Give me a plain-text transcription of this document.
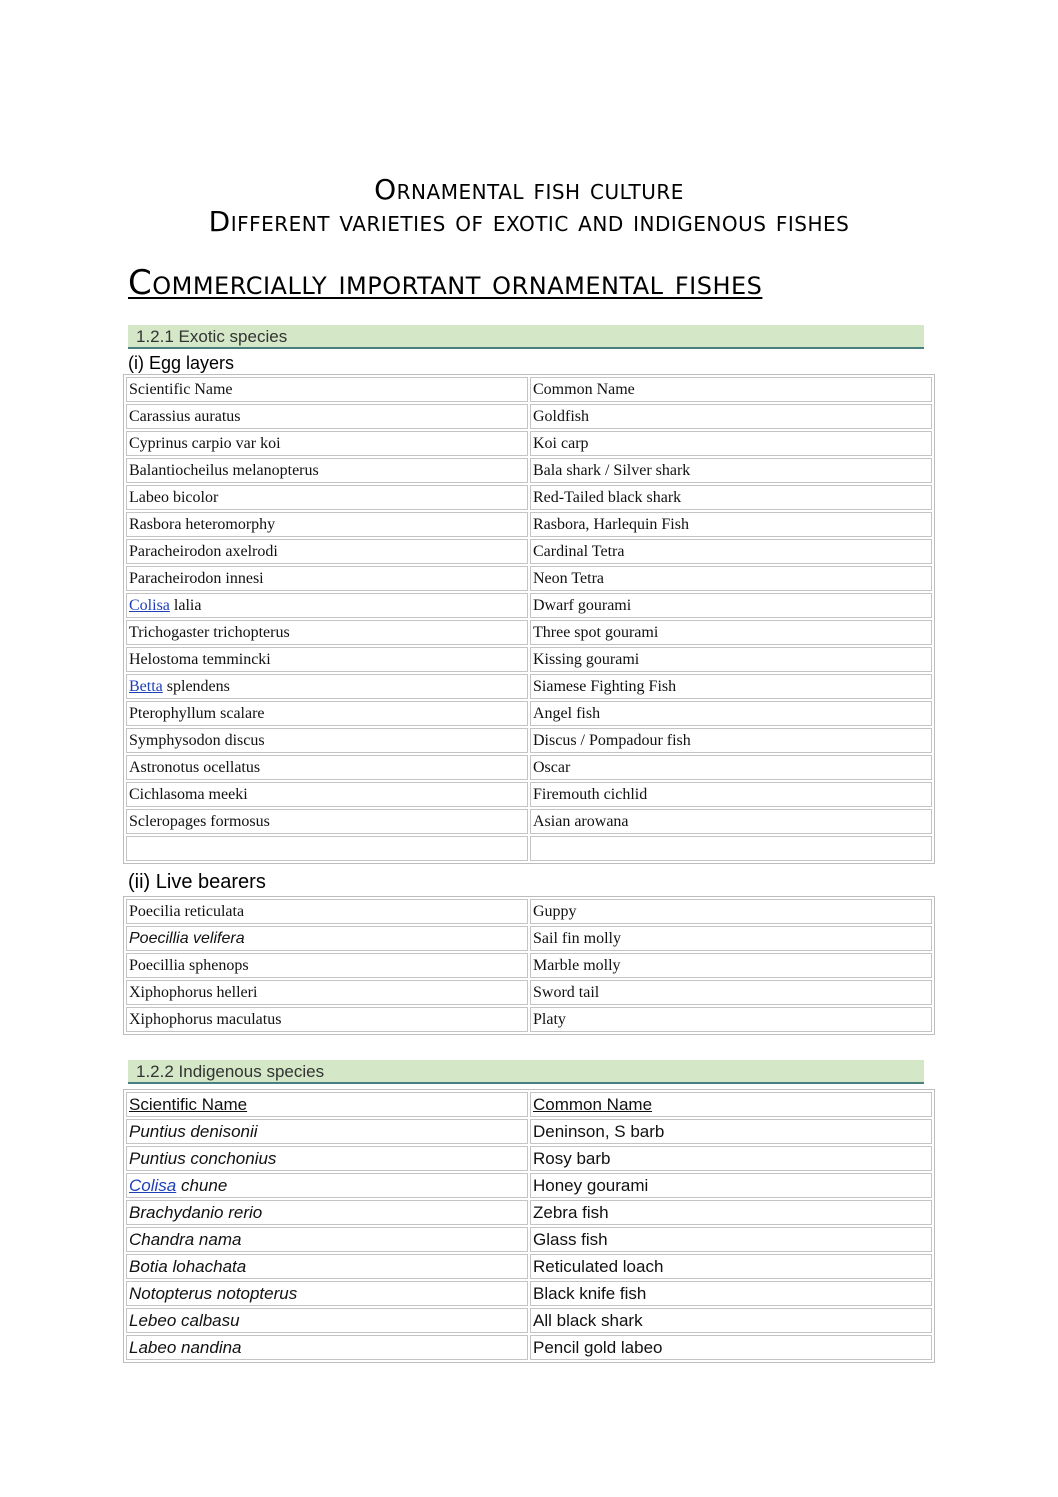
Ornamental fish culture
Different varieties of exotic and indigenous fishes
Commercially important ornamental fishes
1.2.1 Exotic species
(i) Egg layers
Scientific Name	Common Name
Carassius auratus	Goldfish
Cyprinus carpio var koi	Koi carp
Balantiocheilus melanopterus	Bala shark / Silver shark
Labeo bicolor	Red-Tailed black shark
Rasbora heteromorphy	Rasbora, Harlequin Fish
Paracheirodon axelrodi	Cardinal Tetra
Paracheirodon innesi	Neon Tetra
Colisa lalia	Dwarf gourami
Trichogaster trichopterus	Three spot gourami
Helostoma temmincki	Kissing gourami
Betta splendens	Siamese Fighting Fish
Pterophyllum scalare	Angel fish
Symphysodon discus	Discus / Pompadour fish
Astronotus ocellatus	Oscar
Cichlasoma meeki	Firemouth cichlid
Scleropages formosus	Asian arowana

(ii) Live bearers
Poecilia reticulata	Guppy
Poecillia velifera	Sail fin molly
Poecillia sphenops	Marble molly
Xiphophorus helleri	Sword tail
Xiphophorus maculatus	Platy
1.2.2 Indigenous species
Scientific Name	Common Name
Puntius denisonii	Deninson, S barb
Puntius conchonius	Rosy barb
Colisa chune	Honey gourami
Brachydanio rerio	Zebra fish
Chandra nama	Glass fish
Botia lohachata	Reticulated loach
Notopterus notopterus	Black knife fish
Lebeo calbasu	All black shark
Labeo nandina	Pencil gold labeo
